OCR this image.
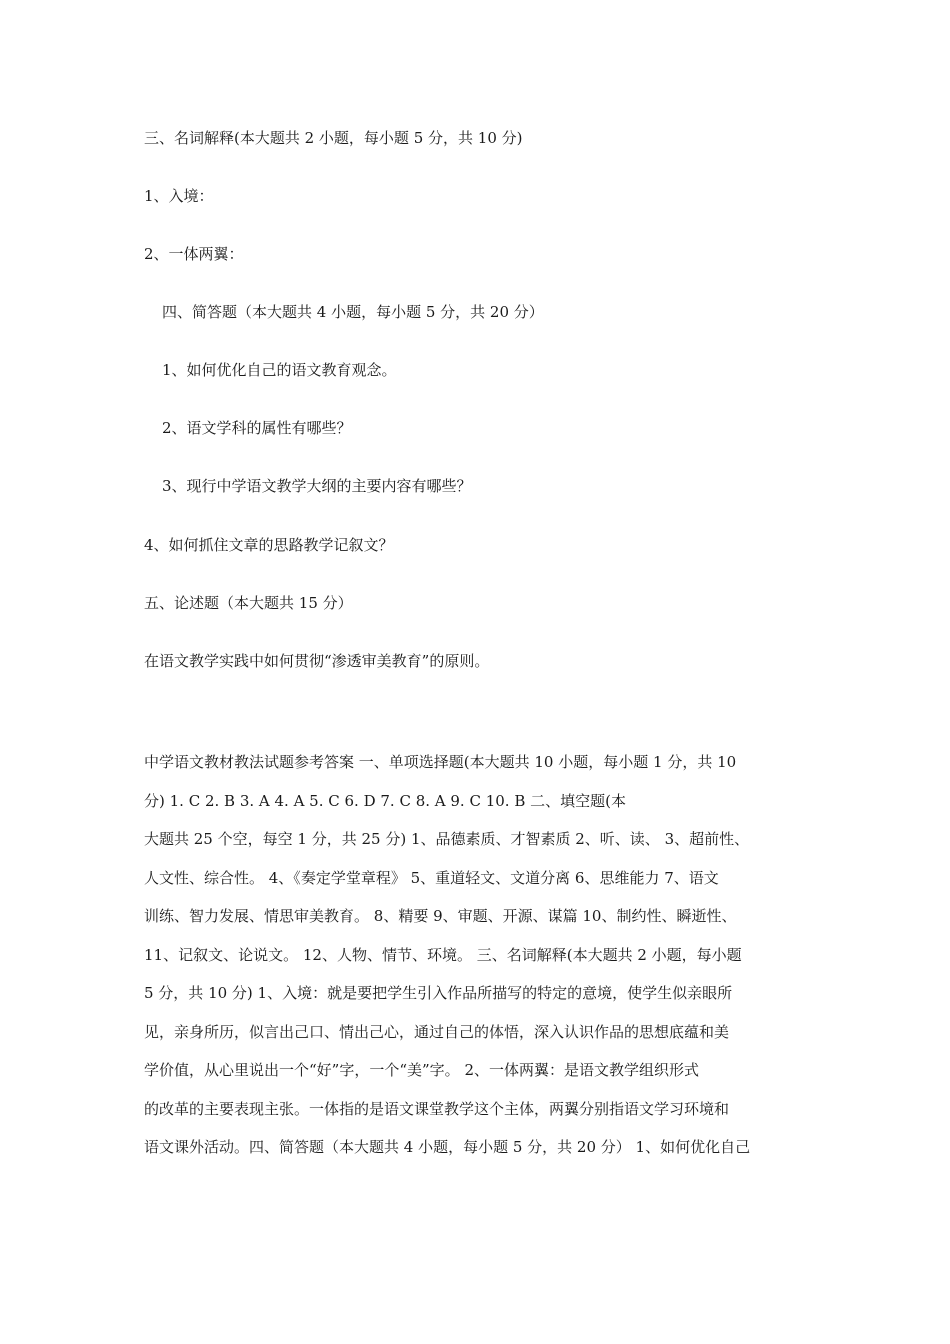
三、名词解释(本大题共 2 小题，每小题 5 分，共 10 分)
1、入境：
2、一体两翼：
四、简答题（本大题共 4 小题，每小题 5 分，共 20 分）
1、如何优化自己的语文教育观念。
2、语文学科的属性有哪些？
3、现行中学语文教学大纲的主要内容有哪些？
4、如何抓住文章的思路教学记叙文？
五、论述题（本大题共 15 分）
在语文教学实践中如何贯彻“渗透审美教育”的原则。
中学语文教材教法试题参考答案 一、单项选择题(本大题共 10 小题，每小题 1 分，共 10
分) 1. C 2. B 3. A 4. A 5. C 6. D 7. C 8. A 9. C 10. B 二、填空题(本
大题共 25 个空，每空 1 分，共 25 分) 1、品德素质、才智素质 2、听、读、 3、超前性、
人文性、综合性。 4、《奏定学堂章程》 5、重道轻文、文道分离 6、思维能力 7、语文
训练、智力发展、情思审美教育。 8、精要 9、审题、开源、谋篇 10、制约性、瞬逝性、
11、记叙文、论说文。 12、人物、情节、环境。 三、名词解释(本大题共 2 小题，每小题
5 分，共 10 分) 1、入境：就是要把学生引入作品所描写的特定的意境，使学生似亲眼所
见，亲身所历，似言出己口、情出己心，通过自己的体悟，深入认识作品的思想底蕴和美
学价值，从心里说出一个“好”字，一个“美”字。 2、一体两翼：是语文教学组织形式
的改革的主要表现主张。一体指的是语文课堂教学这个主体，两翼分别指语文学习环境和
语文课外活动。四、简答题（本大题共 4 小题，每小题 5 分，共 20 分） 1、如何优化自己
